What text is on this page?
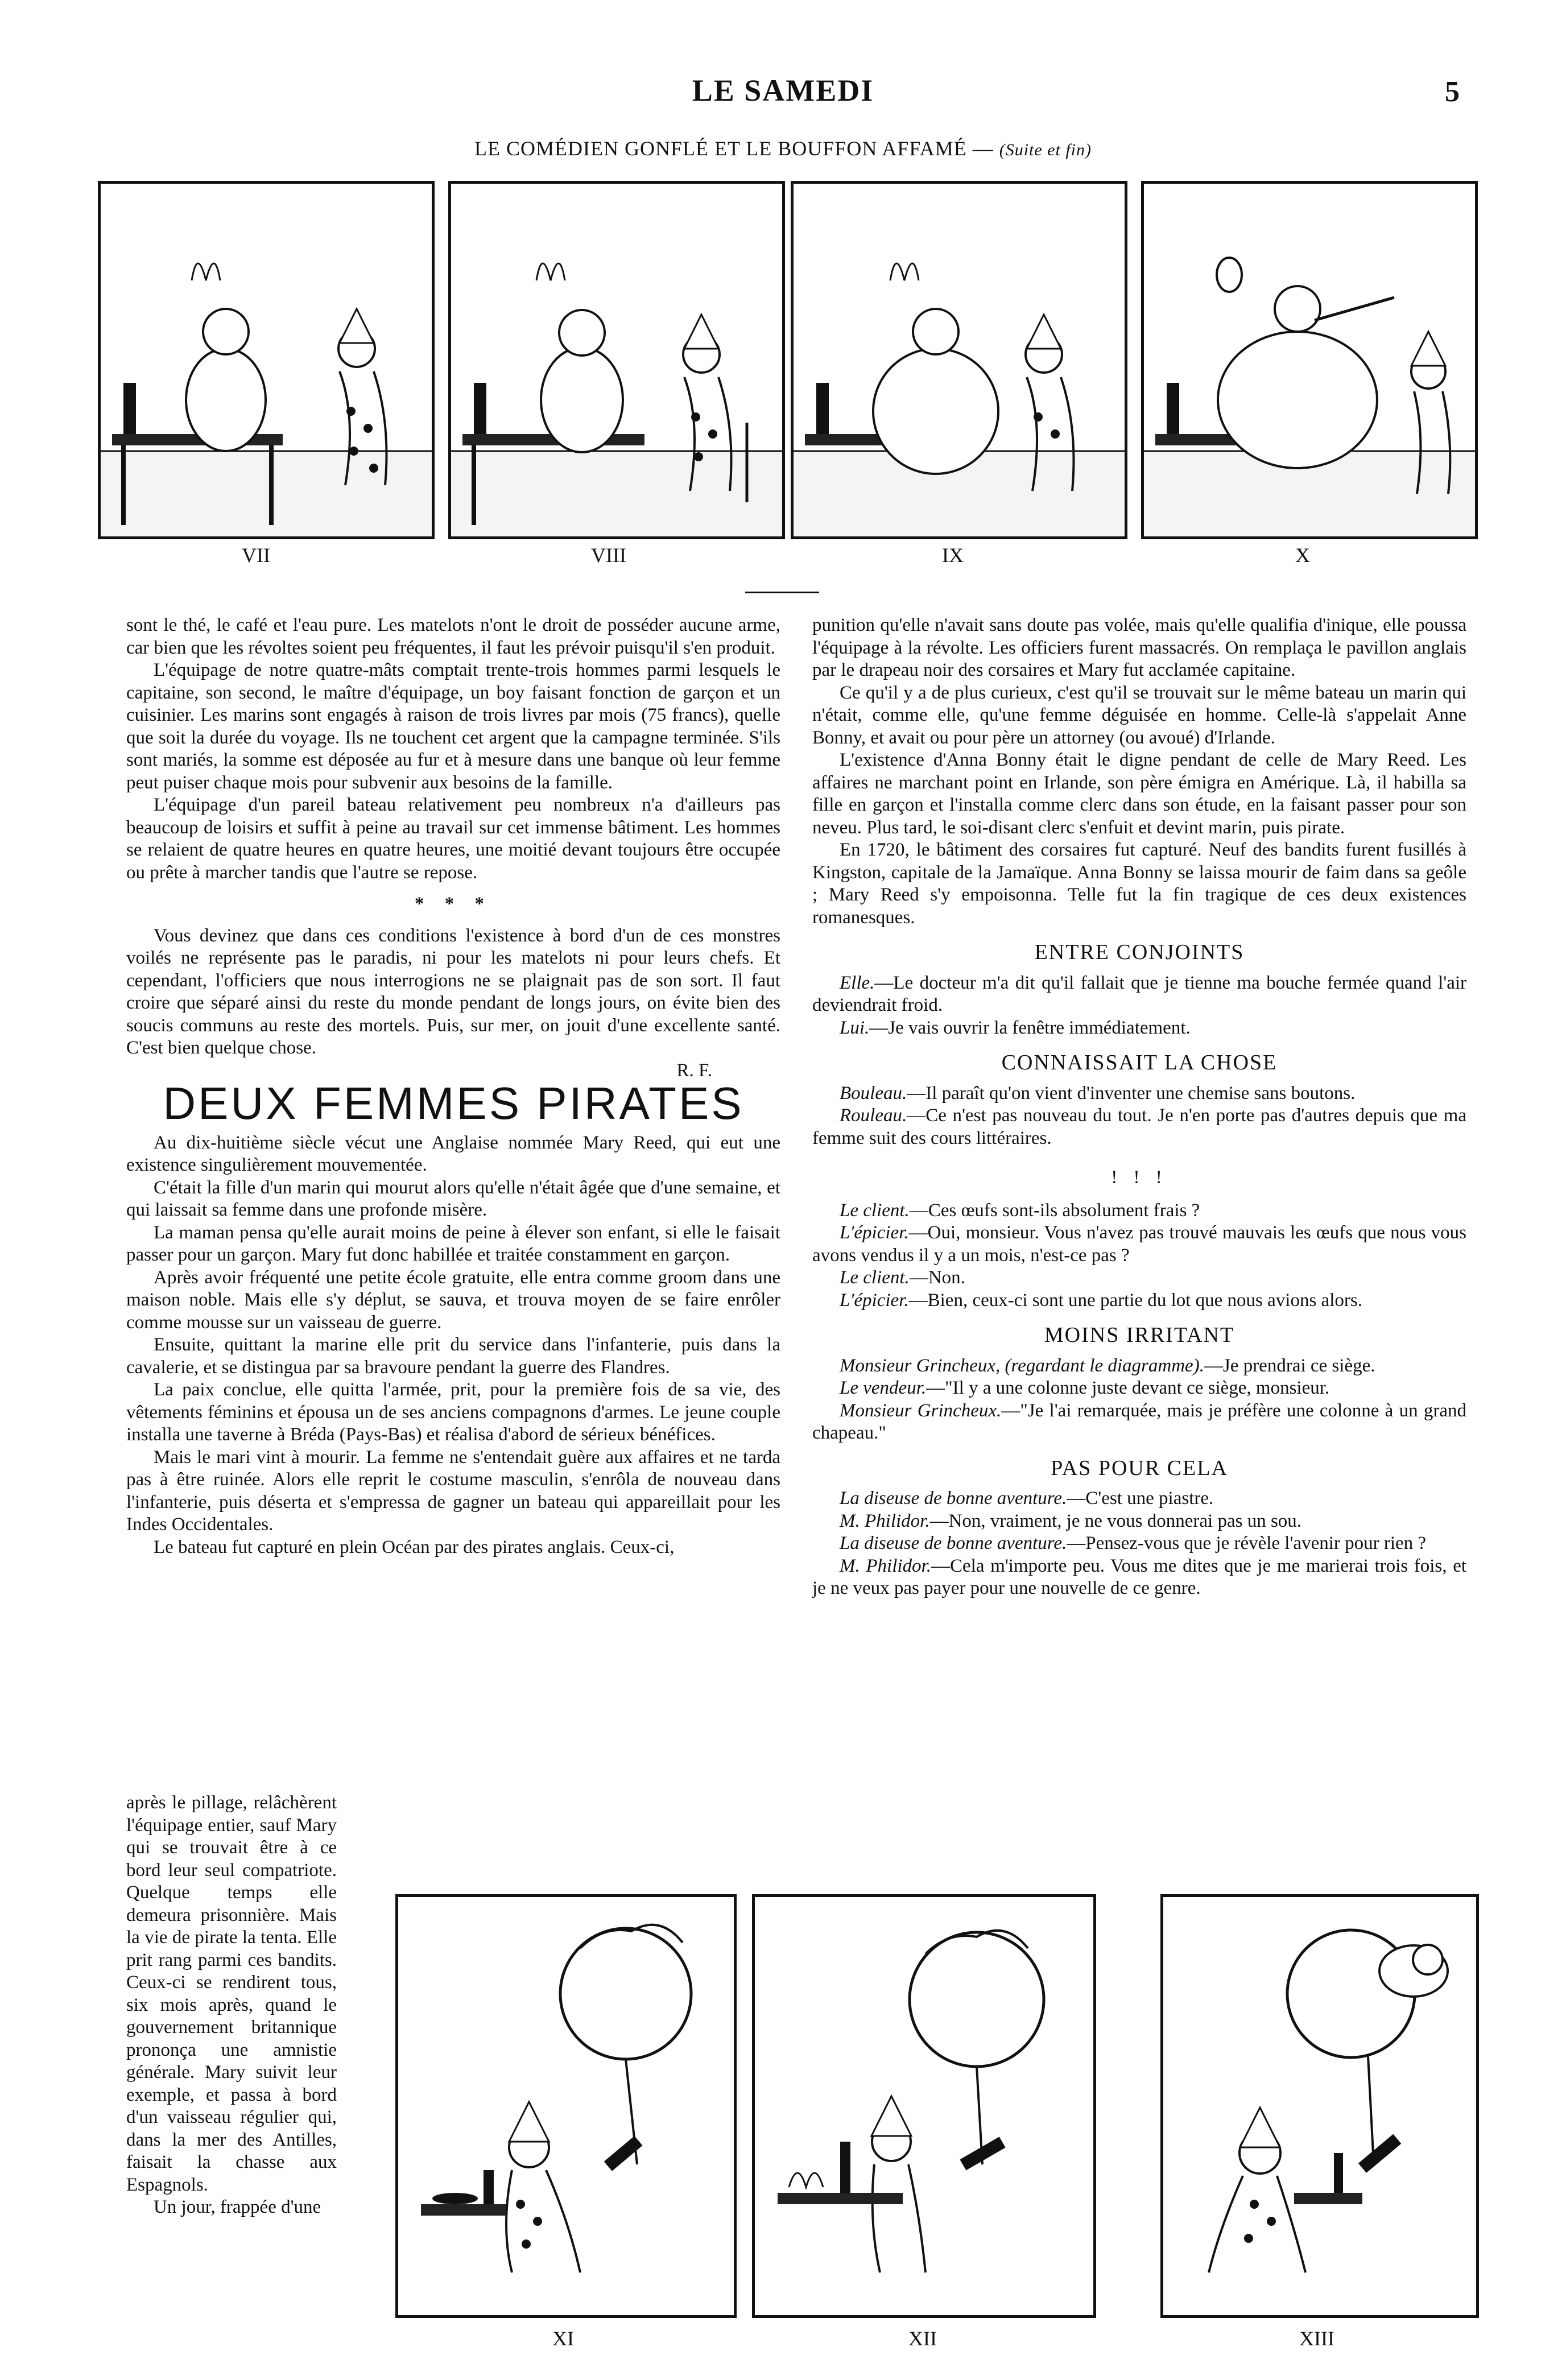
LE SAMEDI	5
LE COMÉDIEN GONFLÉ ET LE BOUFFON AFFAMÉ — (Suite et fin)
VII	VIII	IX	X

sont le thé, le café et l'eau pure. Les matelots n'ont le droit de posséder aucune arme, car bien que les révoltes soient peu fréquentes, il faut les prévoir puisqu'il s'en produit.

L'équipage de notre quatre-mâts comptait trente-trois hommes parmi lesquels le capitaine, son second, le maître d'équipage, un boy faisant fonction de garçon et un cuisinier. Les marins sont engagés à raison de trois livres par mois (75 francs), quelle que soit la durée du voyage. Ils ne touchent cet argent que la campagne terminée. S'ils sont mariés, la somme est déposée au fur et à mesure dans une banque où leur femme peut puiser chaque mois pour subvenir aux besoins de la famille.

L'équipage d'un pareil bateau relativement peu nombreux n'a d'ailleurs pas beaucoup de loisirs et suffit à peine au travail sur cet immense bâtiment. Les hommes se relaient de quatre heures en quatre heures, une moitié devant toujours être occupée ou prête à marcher tandis que l'autre se repose.

* * *

Vous devinez que dans ces conditions l'existence à bord d'un de ces monstres voilés ne représente pas le paradis, ni pour les matelots ni pour leurs chefs. Et cependant, l'officiers que nous interrogions ne se plaignait pas de son sort. Il faut croire que séparé ainsi du reste du monde pendant de longs jours, on évite bien des soucis communs au reste des mortels. Puis, sur mer, on jouit d'une excellente santé. C'est bien quelque chose.

R. F.

DEUX FEMMES PIRATES

Au dix-huitième siècle vécut une Anglaise nommée Mary Reed, qui eut une existence singulièrement mouvementée.

C'était la fille d'un marin qui mourut alors qu'elle n'était âgée que d'une semaine, et qui laissait sa femme dans une profonde misère.

La maman pensa qu'elle aurait moins de peine à élever son enfant, si elle le faisait passer pour un garçon. Mary fut donc habillée et traitée constamment en garçon.

Après avoir fréquenté une petite école gratuite, elle entra comme groom dans une maison noble. Mais elle s'y déplut, se sauva, et trouva moyen de se faire enrôler comme mousse sur un vaisseau de guerre.

Ensuite, quittant la marine elle prit du service dans l'infanterie, puis dans la cavalerie, et se distingua par sa bravoure pendant la guerre des Flandres.

La paix conclue, elle quitta l'armée, prit, pour la première fois de sa vie, des vêtements féminins et épousa un de ses anciens compagnons d'armes. Le jeune couple installa une taverne à Bréda (Pays-Bas) et réalisa d'abord de sérieux bénéfices.

Mais le mari vint à mourir. La femme ne s'entendait guère aux affaires et ne tarda pas à être ruinée. Alors elle reprit le costume masculin, s'enrôla de nouveau dans l'infanterie, puis déserta et s'empressa de gagner un bateau qui appareillait pour les Indes Occidentales.

Le bateau fut capturé en plein Océan par des pirates anglais. Ceux-ci,

après le pillage, relâchèrent l'équipage entier, sauf Mary qui se trouvait être à ce bord leur seul compatriote. Quelque temps elle demeura prisonnière. Mais la vie de pirate la tenta. Elle prit rang parmi ces bandits. Ceux-ci se rendirent tous, six mois après, quand le gouvernement britannique prononça une amnistie générale. Mary suivit leur exemple, et passa à bord d'un vaisseau régulier qui, dans la mer des Antilles, faisait la chasse aux Espagnols.

Un jour, frappée d'une

punition qu'elle n'avait sans doute pas volée, mais qu'elle qualifia d'inique, elle poussa l'équipage à la révolte. Les officiers furent massacrés. On remplaça le pavillon anglais par le drapeau noir des corsaires et Mary fut acclamée capitaine.

Ce qu'il y a de plus curieux, c'est qu'il se trouvait sur le même bateau un marin qui n'était, comme elle, qu'une femme déguisée en homme. Celle-là s'appelait Anne Bonny, et avait ou pour père un attorney (ou avoué) d'Irlande.

L'existence d'Anna Bonny était le digne pendant de celle de Mary Reed. Les affaires ne marchant point en Irlande, son père émigra en Amérique. Là, il habilla sa fille en garçon et l'installa comme clerc dans son étude, en la faisant passer pour son neveu. Plus tard, le soi-disant clerc s'enfuit et devint marin, puis pirate.

En 1720, le bâtiment des corsaires fut capturé. Neuf des bandits furent fusillés à Kingston, capitale de la Jamaïque. Anna Bonny se laissa mourir de faim dans sa geôle ; Mary Reed s'y empoisonna. Telle fut la fin tragique de ces deux existences romanesques.

ENTRE CONJOINTS

Elle.—Le docteur m'a dit qu'il fallait que je tienne ma bouche fermée quand l'air deviendrait froid.

Lui.—Je vais ouvrir la fenêtre immédiatement.

CONNAISSAIT LA CHOSE

Bouleau.—Il paraît qu'on vient d'inventer une chemise sans boutons.

Rouleau.—Ce n'est pas nouveau du tout. Je n'en porte pas d'autres depuis que ma femme suit des cours littéraires.

! ! !

Le client.—Ces œufs sont-ils absolument frais ?

L'épicier.—Oui, monsieur. Vous n'avez pas trouvé mauvais les œufs que nous vous avons vendus il y a un mois, n'est-ce pas ?

Le client.—Non.

L'épicier.—Bien, ceux-ci sont une partie du lot que nous avions alors.

MOINS IRRITANT

Monsieur Grincheux, (regardant le diagramme).—Je prendrai ce siège.

Le vendeur.—"Il y a une colonne juste devant ce siège, monsieur.

Monsieur Grincheux.—"Je l'ai remarquée, mais je préfère une colonne à un grand chapeau."

PAS POUR CELA

La diseuse de bonne aventure.—C'est une piastre.

M. Philidor.—Non, vraiment, je ne vous donnerai pas un sou.

La diseuse de bonne aventure.—Pensez-vous que je révèle l'avenir pour rien ?

M. Philidor.—Cela m'importe peu. Vous me dites que je me marierai trois fois, et je ne veux pas payer pour une nouvelle de ce genre.

XI	XII	XIII
